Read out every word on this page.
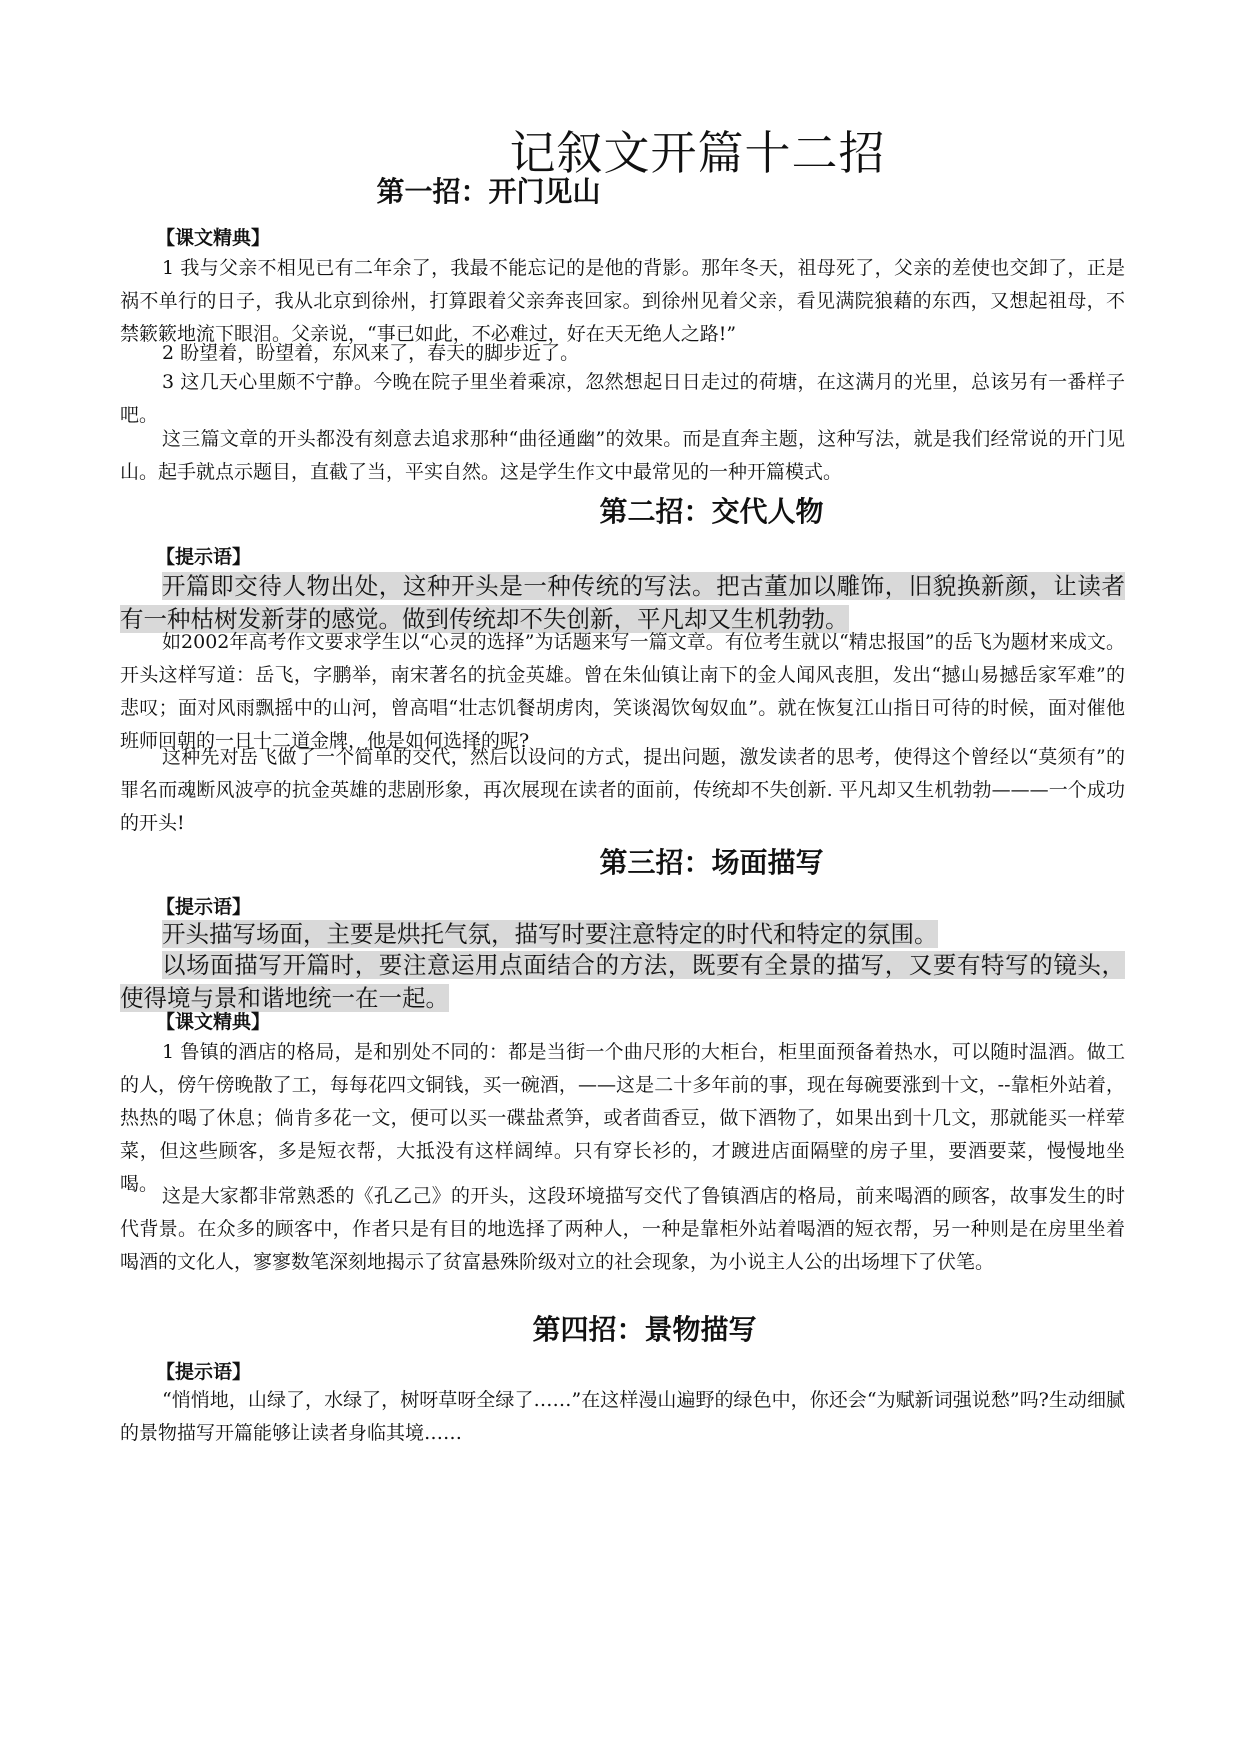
记叙文开篇十二招
第一招：开门见山
【课文精典】

1 我与父亲不相见已有二年余了，我最不能忘记的是他的背影。那年冬天，祖母死了，父亲的差使也交卸了，正是祸不单行的日子，我从北京到徐州，打算跟着父亲奔丧回家。到徐州见着父亲，看见满院狼藉的东西，又想起祖母，不禁簌簌地流下眼泪。父亲说，“事已如此，不必难过，好在天无绝人之路!”

2 盼望着，盼望着，东风来了，春天的脚步近了。

3 这几天心里颇不宁静。今晚在院子里坐着乘凉，忽然想起日日走过的荷塘，在这满月的光里，总该另有一番样子吧。

这三篇文章的开头都没有刻意去追求那种“曲径通幽”的效果。而是直奔主题，这种写法，就是我们经常说的开门见山。起手就点示题目，直截了当，平实自然。这是学生作文中最常见的一种开篇模式。

第二招：交代人物
【提示语】

开篇即交待人物出处，这种开头是一种传统的写法。把古董加以雕饰，旧貌换新颜，让读者有一种枯树发新芽的感觉。做到传统却不失创新，平凡却又生机勃勃。

如2002年高考作文要求学生以“心灵的选择”为话题来写一篇文章。有位考生就以“精忠报国”的岳飞为题材来成文。开头这样写道：岳飞，字鹏举，南宋著名的抗金英雄。曾在朱仙镇让南下的金人闻风丧胆，发出“撼山易撼岳家军难”的悲叹；面对风雨飘摇中的山河，曾高唱“壮志饥餐胡虏肉，笑谈渴饮匈奴血”。就在恢复江山指日可待的时候，面对催他班师回朝的一日十二道金牌，他是如何选择的呢?

这种先对岳飞做了一个简单的交代，然后以设问的方式，提出问题，激发读者的思考，使得这个曾经以“莫须有”的罪名而魂断风波亭的抗金英雄的悲剧形象，再次展现在读者的面前，传统却不失创新. 平凡却又生机勃勃———一个成功的开头!

第三招：场面描写
【提示语】

开头描写场面，主要是烘托气氛，描写时要注意特定的时代和特定的氛围。

以场面描写开篇时，要注意运用点面结合的方法，既要有全景的描写，又要有特写的镜头，使得境与景和谐地统一在一起。

【课文精典】

1 鲁镇的酒店的格局，是和别处不同的：都是当街一个曲尺形的大柜台，柜里面预备着热水，可以随时温酒。做工的人，傍午傍晚散了工，每每花四文铜钱，买一碗酒，——这是二十多年前的事，现在每碗要涨到十文，--靠柜外站着，热热的喝了休息；倘肯多花一文，便可以买一碟盐煮笋，或者茴香豆，做下酒物了，如果出到十几文，那就能买一样荤菜，但这些顾客，多是短衣帮，大抵没有这样阔绰。只有穿长衫的，才踱进店面隔壁的房子里，要酒要菜，慢慢地坐喝。

这是大家都非常熟悉的《孔乙己》的开头，这段环境描写交代了鲁镇酒店的格局，前来喝酒的顾客，故事发生的时代背景。在众多的顾客中，作者只是有目的地选择了两种人，一种是靠柜外站着喝酒的短衣帮，另一种则是在房里坐着喝酒的文化人，寥寥数笔深刻地揭示了贫富悬殊阶级对立的社会现象，为小说主人公的出场埋下了伏笔。

第四招：景物描写
【提示语】

“悄悄地，山绿了，水绿了，树呀草呀全绿了……”在这样漫山遍野的绿色中，你还会“为赋新词强说愁”吗?生动细腻的景物描写开篇能够让读者身临其境……
